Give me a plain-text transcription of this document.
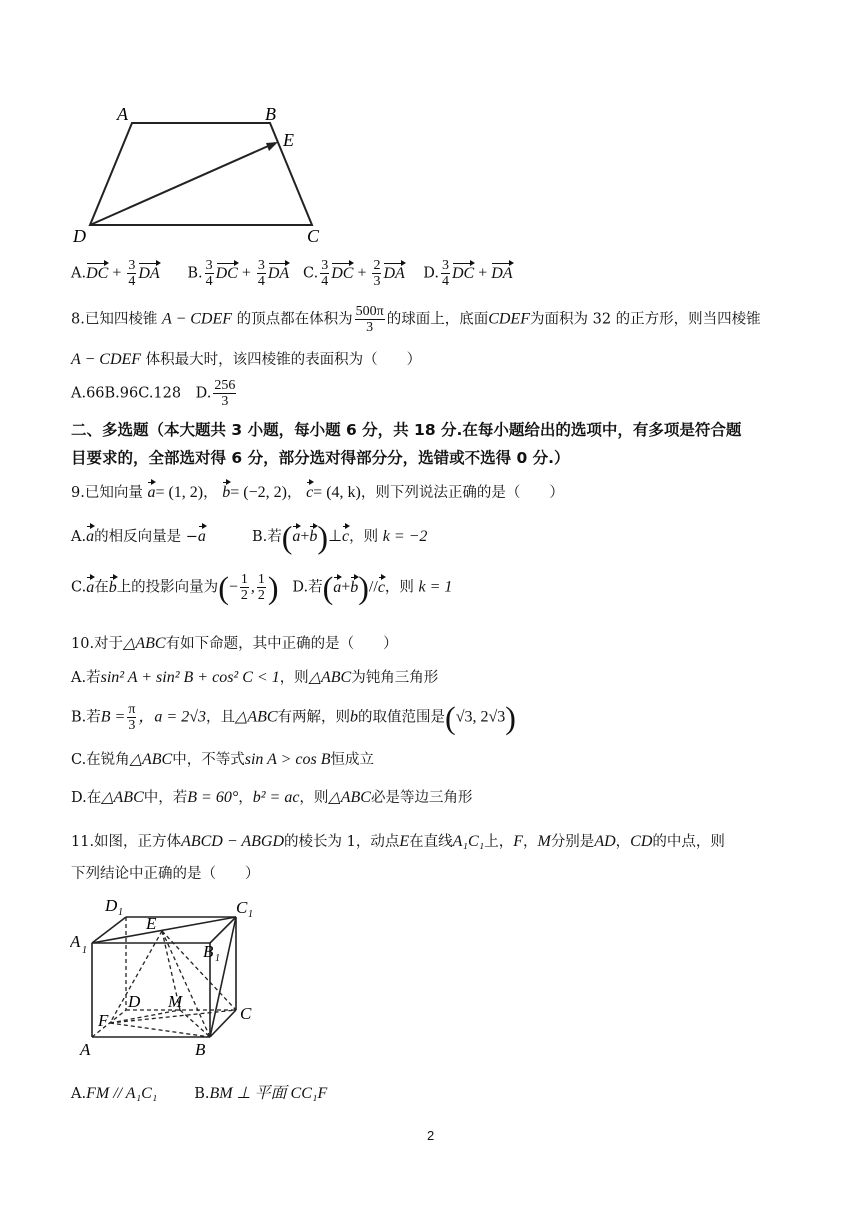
A	B
E
D	C
$A.DC + \frac{3}{4}$ DA B. $\frac{3}{4}$ DC + $\frac{3}{4}$ DA C. $\frac{3}{4}$ DC + $\frac{2}{3}$ DA D. $\frac{3}{4}$ DC + DA
8.已知四棱锥 A − CDEF 的顶点都在体积为 $\frac{500\pi}{3}$ 的球面上，底面CDEF为面积为 32 的正方形，则当四棱锥
A − CDEF 体积最大时，该四棱锥的表面积为（　　）
A.66B.96C.128　D. $\frac{256}{3}$
二、多选题（本大题共 3 小题，每小题 6 分，共 18 分.在每小题给出的选项中，有多项是符合题
目要求的，全部选对得 6 分，部分选对得部分分，选错或不选得 0 分.）
9.已知向量 a= (1, 2)， b= (−2, 2)， c= (4, k)，则下列说法正确的是（　　）
A.a的相反向量是 −a	B.若(a+b)⊥c，则 k = −2
C.a在b上的投影向量为(− $\frac{1}{2}$ , $\frac{1}{2}$ ) D.若(a+b)//c，则 k = 1
10.对于△ABC有如下命题，其中正确的是（　　）
A.若sin² A + sin² B + cos² C < 1，则△ABC为钝角三角形
B.若$B = \frac{\pi}{3}$ ，a = 2√3，且△ABC有两解，则b的取值范围是(√3, 2√3)
C.在锐角△ABC中，不等式sin A > cos B恒成立
D.在△ABC中，若B = 60°，b² = ac，则△ABC必是等边三角形
11.如图，正方体ABCD − ABGD的棱长为 1，动点E在直线A₁C₁上，F，M分别是AD，CD的中点，则
下列结论中正确的是（　　）
D 1	C 1
E
A 1	B 1
D M
C
F
A	B
A.FM // A₁C₁	B.BM ⊥ 平面 CC₁F
2
